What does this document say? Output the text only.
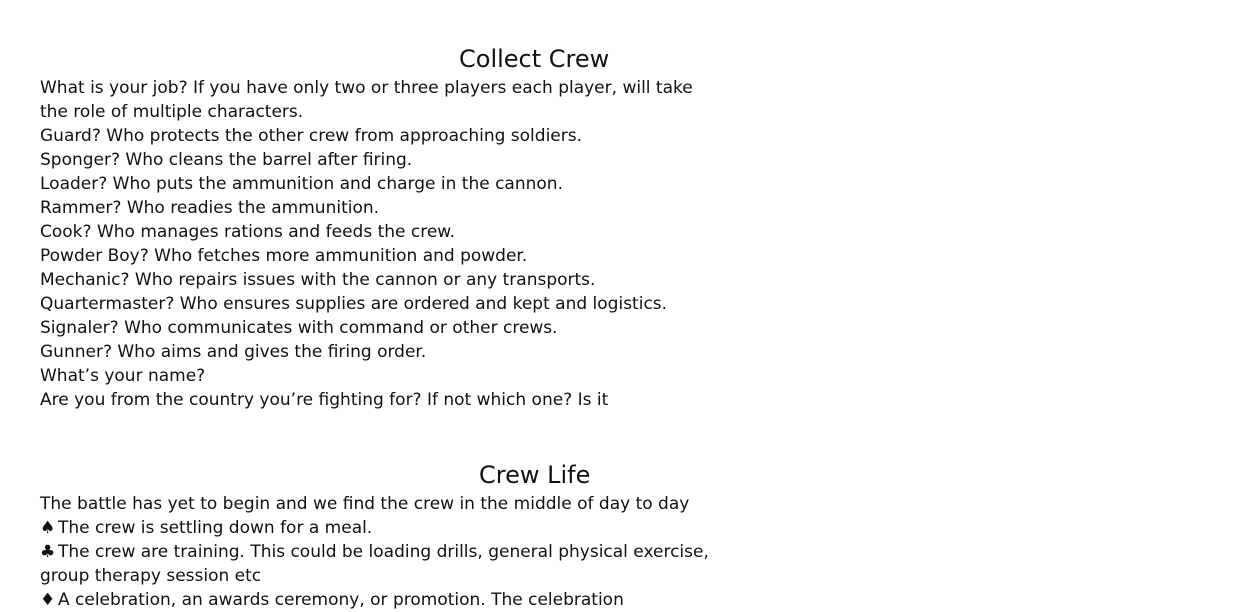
Collect Crew
What is your job? If you have only two or three players each player, will take
the role of multiple characters.
Guard? Who protects the other crew from approaching soldiers.
Sponger? Who cleans the barrel after firing.
Loader? Who puts the ammunition and charge in the cannon.
Rammer? Who readies the ammunition.
Cook? Who manages rations and feeds the crew.
Powder Boy? Who fetches more ammunition and powder.
Mechanic? Who repairs issues with the cannon or any transports.
Quartermaster? Who ensures supplies are ordered and kept and logistics.
Signaler? Who communicates with command or other crews.
Gunner? Who aims and gives the firing order.
What’s your name?
Are you from the country you’re fighting for? If not which one? Is it
Crew Life
The battle has yet to begin and we find the crew in the middle of day to day
♠ The crew is settling down for a meal.
♣ The crew are training. This could be loading drills, general physical exercise,
group therapy session etc
♦ A celebration, an awards ceremony, or promotion. The celebration
